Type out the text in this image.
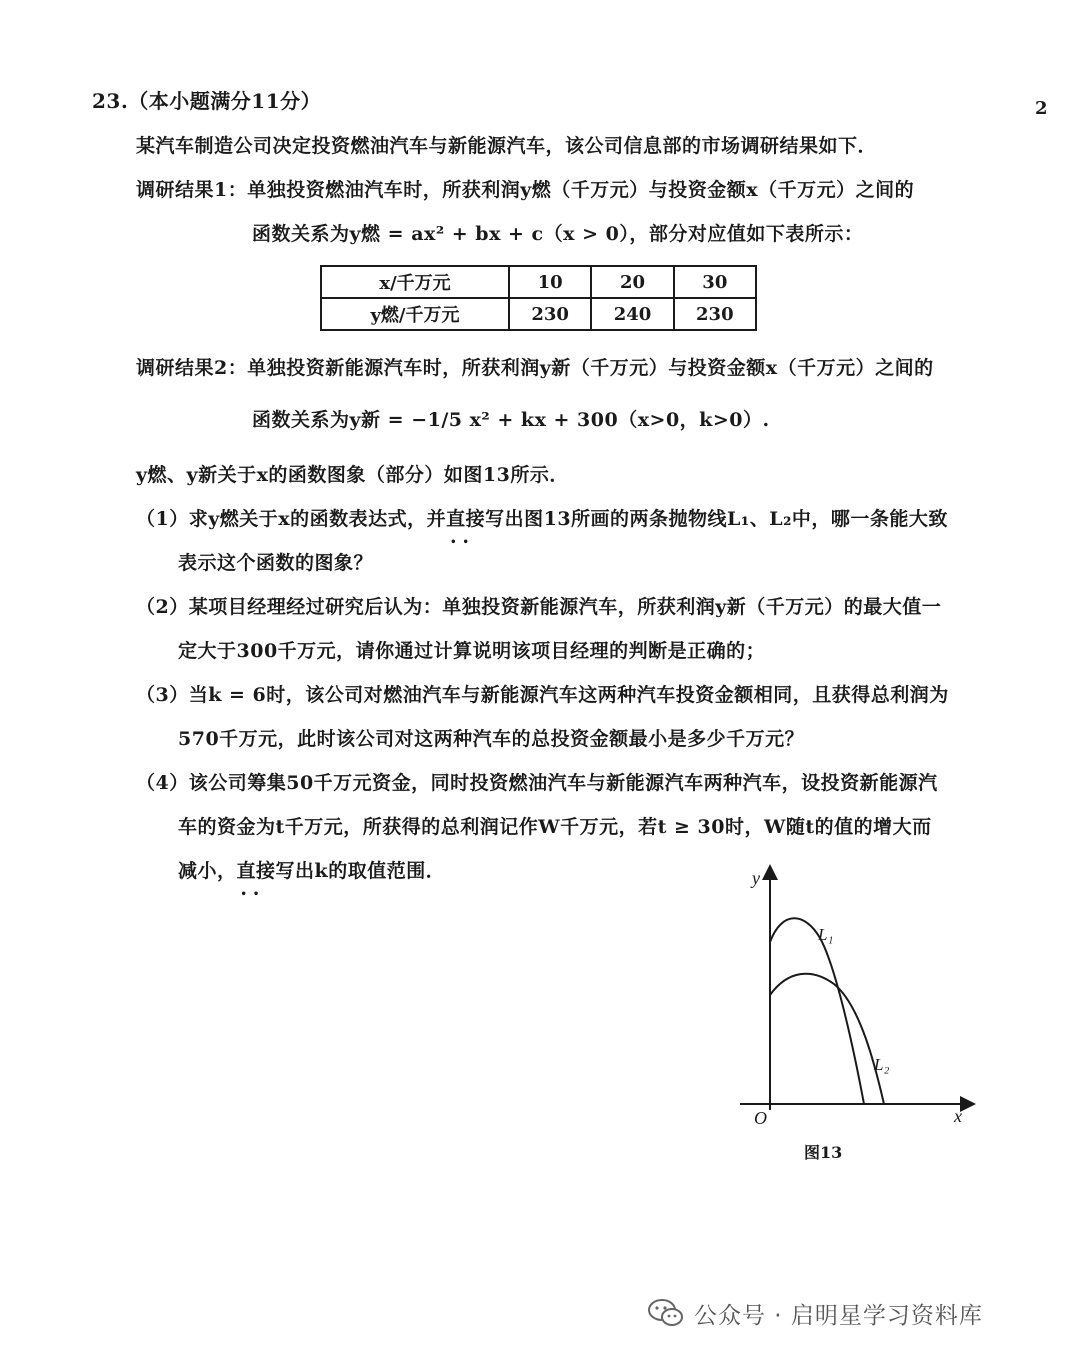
23.（本小题满分11分）	2
某汽车制造公司决定投资燃油汽车与新能源汽车，该公司信息部的市场调研结果如下．
调研结果1：单独投资燃油汽车时，所获利润y燃（千万元）与投资金额x（千万元）之间的
函数关系为y燃 = ax² + bx + c（x > 0），部分对应值如下表所示：
x/千万元	10	20	30
y燃/千万元	230	240	230
调研结果2：单独投资新能源汽车时，所获利润y新（千万元）与投资金额x（千万元）之间的
函数关系为y新 = −1/5 x² + kx + 300（x>0，k>0）.
y燃、y新关于x的函数图象（部分）如图13所示．
（1）求y燃关于x的函数表达式，并直接 ••写出图13所画的两条抛物线L₁、L₂中，哪一条能大致
表示这个函数的图象？
（2）某项目经理经过研究后认为：单独投资新能源汽车，所获利润y新（千万元）的最大值一
定大于300千万元，请你通过计算说明该项目经理的判断是正确的；
（3）当k = 6时，该公司对燃油汽车与新能源汽车这两种汽车投资金额相同，且获得总利润为
570千万元，此时该公司对这两种汽车的总投资金额最小是多少千万元？
（4）该公司筹集50千万元资金，同时投资燃油汽车与新能源汽车两种汽车，设投资新能源汽
车的资金为t千万元，所获得的总利润记作W千万元，若t ≥ 30时，W随t的值的增大而
减小，直接 ••写出k的取值范围．	y
x
O
L₁
L₂
图13
公众号 · 启明星学习资料库
